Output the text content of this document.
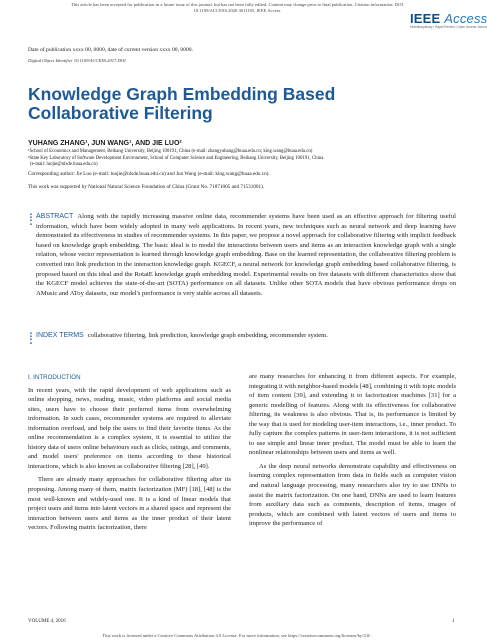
This article has been accepted for publication in a future issue of this journal, but has not been fully edited. Content may change prior to final publication. Citation information: DOI
10.1109/ACCESS.2020.3011105, IEEE Access
IEEE Access
Multidisciplinary | Rapid Review | Open Access Journal
Date of publication xxxx 00, 0000, date of current version xxxx 00, 0000.
Digital Object Identifier 10.1109/ACCESS.2017.DOI
Knowledge Graph Embedding Based
Collaborative Filtering
YUHANG ZHANG¹, JUN WANG¹, AND JIE LUO²
¹School of Economics and Management, Beihang University, Beijing 100191, China (e-mail: zhangyuhang@buaa.edu.cn; king.wang@buaa.edu.cn)
²State Key Laboratory of Software Development Environment, School of Computer Science and Engineering, Beihang University, Beijing 100191, China
(e-mail: luojie@nlsde.buaa.edu.cn)
Corresponding author: Jie Luo (e-mail: luojie@nlsde.buaa.edu.cn) and Jun Wang (e-mail: king.wang@buaa.edu.cn).
This work was supported by National Natural Science Foundation of China (Grant No. 71871005 and 71531001).
■
■
■
■
ABSTRACT Along with the rapidly increasing massive online data, recommender systems have been used as an effective approach for filtering useful information, which have been widely adopted in many web applications. In recent years, new techniques such as neural network and deep learning have demonstrated its effectiveness in studies of recommender systems. In this paper, we propose a novel approach for collaborative filtering with implicit feedback based on knowledge graph embedding. The basic ideal is to model the interactions between users and items as an interaction knowledge graph with a single relation, whose vector representation is learned through knowledge graph embedding. Base on the learned representation, the collaborative filtering problem is converted into link prediction in the interaction knowledge graph. KGECF, a neural network for knowledge graph embedding based collaborative filtering, is proposed based on this ideal and the RotatE knowledge graph embedding model. Experimental results on five datasets with different characteristics show that the KGECF model achieves the state-of-the-art (SOTA) performance on all datasets. Unlike other SOTA models that have obvious performance drops on AMusic and AToy datasets, our model's performance is very stable across all datasets.
■
■
■
■
INDEX TERMS collaborative filtering, link prediction, knowledge graph embedding, recommender system.
I. INTRODUCTION

In recent years, with the rapid development of web applications such as online shopping, news, reading, music, video platforms and social media sites, users have to choose their preferred items from overwhelming information. In such cases, recommender systems are required to alleviate information overload, and help the users to find their favorite items. As the online recommendation is a complex system, it is essential to utilize the history data of users online behaviours such as clicks, ratings, and comments, and model users' preference on items according to these historical interactions, which is also known as collaborative filtering [28], [49].

There are already many approaches for collaborative filtering after its proposing. Among many of them, matrix factorization (MF) [18], [48] is the most well-known and widely-used one. It is a kind of linear models that project users and items into latent vectors in a shared space and represent the interaction between users and items as the inner product of their latent vectors. Following matrix factorization, there

are many researches for enhancing it from different aspects. For example, integrating it with neighbor-based models [48], combining it with topic models of item content [39], and extending it to factorization machines [31] for a generic modelling of features. Along with its effectiveness for collaborative filtering, its weakness is also obvious. That is, its performance is limited by the way that is used for modeling user-item interactions, i.e., inner product. To fully capture the complex patterns in user-item interactions, it is not sufficient to use simple and linear inner product. The model must be able to learn the nonlinear relationships between users and items as well.

As the deep neural networks demonstrate capability and effectiveness on learning complex representation from data in fields such as computer vision and natural language processing, many researchers also try to use DNNs to assist the matrix factorization. On one hand, DNNs are used to learn features from auxiliary data such as comments, description of items, images of products, which are combined with latent vectors of users and items to improve the performance of

VOLUME 4, 2016	1
This work is licensed under a Creative Commons Attribution 4.0 License. For more information, see https://creativecommons.org/licenses/by/4.0/.
